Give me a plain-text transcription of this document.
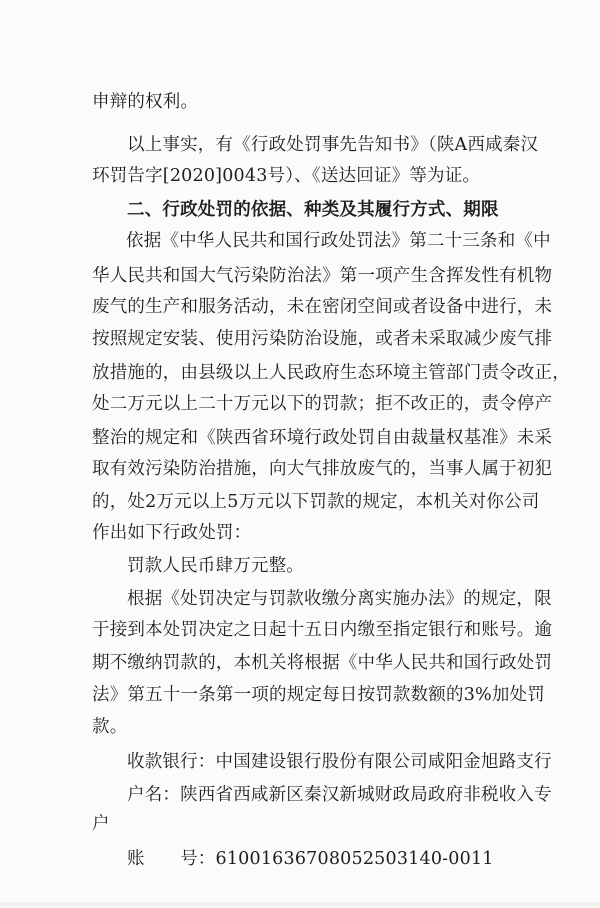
申辩的权利。
以上事实，有《行政处罚事先告知书》（陕A西咸秦汉
环罚告字[2020]0043号）、《送达回证》等为证。
二、行政处罚的依据、种类及其履行方式、期限
依据《中华人民共和国行政处罚法》第二十三条和《中
华人民共和国大气污染防治法》第一项产生含挥发性有机物
废气的生产和服务活动，未在密闭空间或者设备中进行，未
按照规定安装、使用污染防治设施，或者未采取减少废气排
放措施的，由县级以上人民政府生态环境主管部门责令改正，
处二万元以上二十万元以下的罚款；拒不改正的，责令停产
整治的规定和《陕西省环境行政处罚自由裁量权基准》未采
取有效污染防治措施，向大气排放废气的，当事人属于初犯
的，处2万元以上5万元以下罚款的规定，本机关对你公司
作出如下行政处罚：
罚款人民币肆万元整。
根据《处罚决定与罚款收缴分离实施办法》的规定，限
于接到本处罚决定之日起十五日内缴至指定银行和账号。逾
期不缴纳罚款的，本机关将根据《中华人民共和国行政处罚
法》第五十一条第一项的规定每日按罚款数额的3%加处罚
款。
收款银行：中国建设银行股份有限公司咸阳金旭路支行
户名：陕西省西咸新区秦汉新城财政局政府非税收入专
户
账　　号：61001636708052503140-0011
